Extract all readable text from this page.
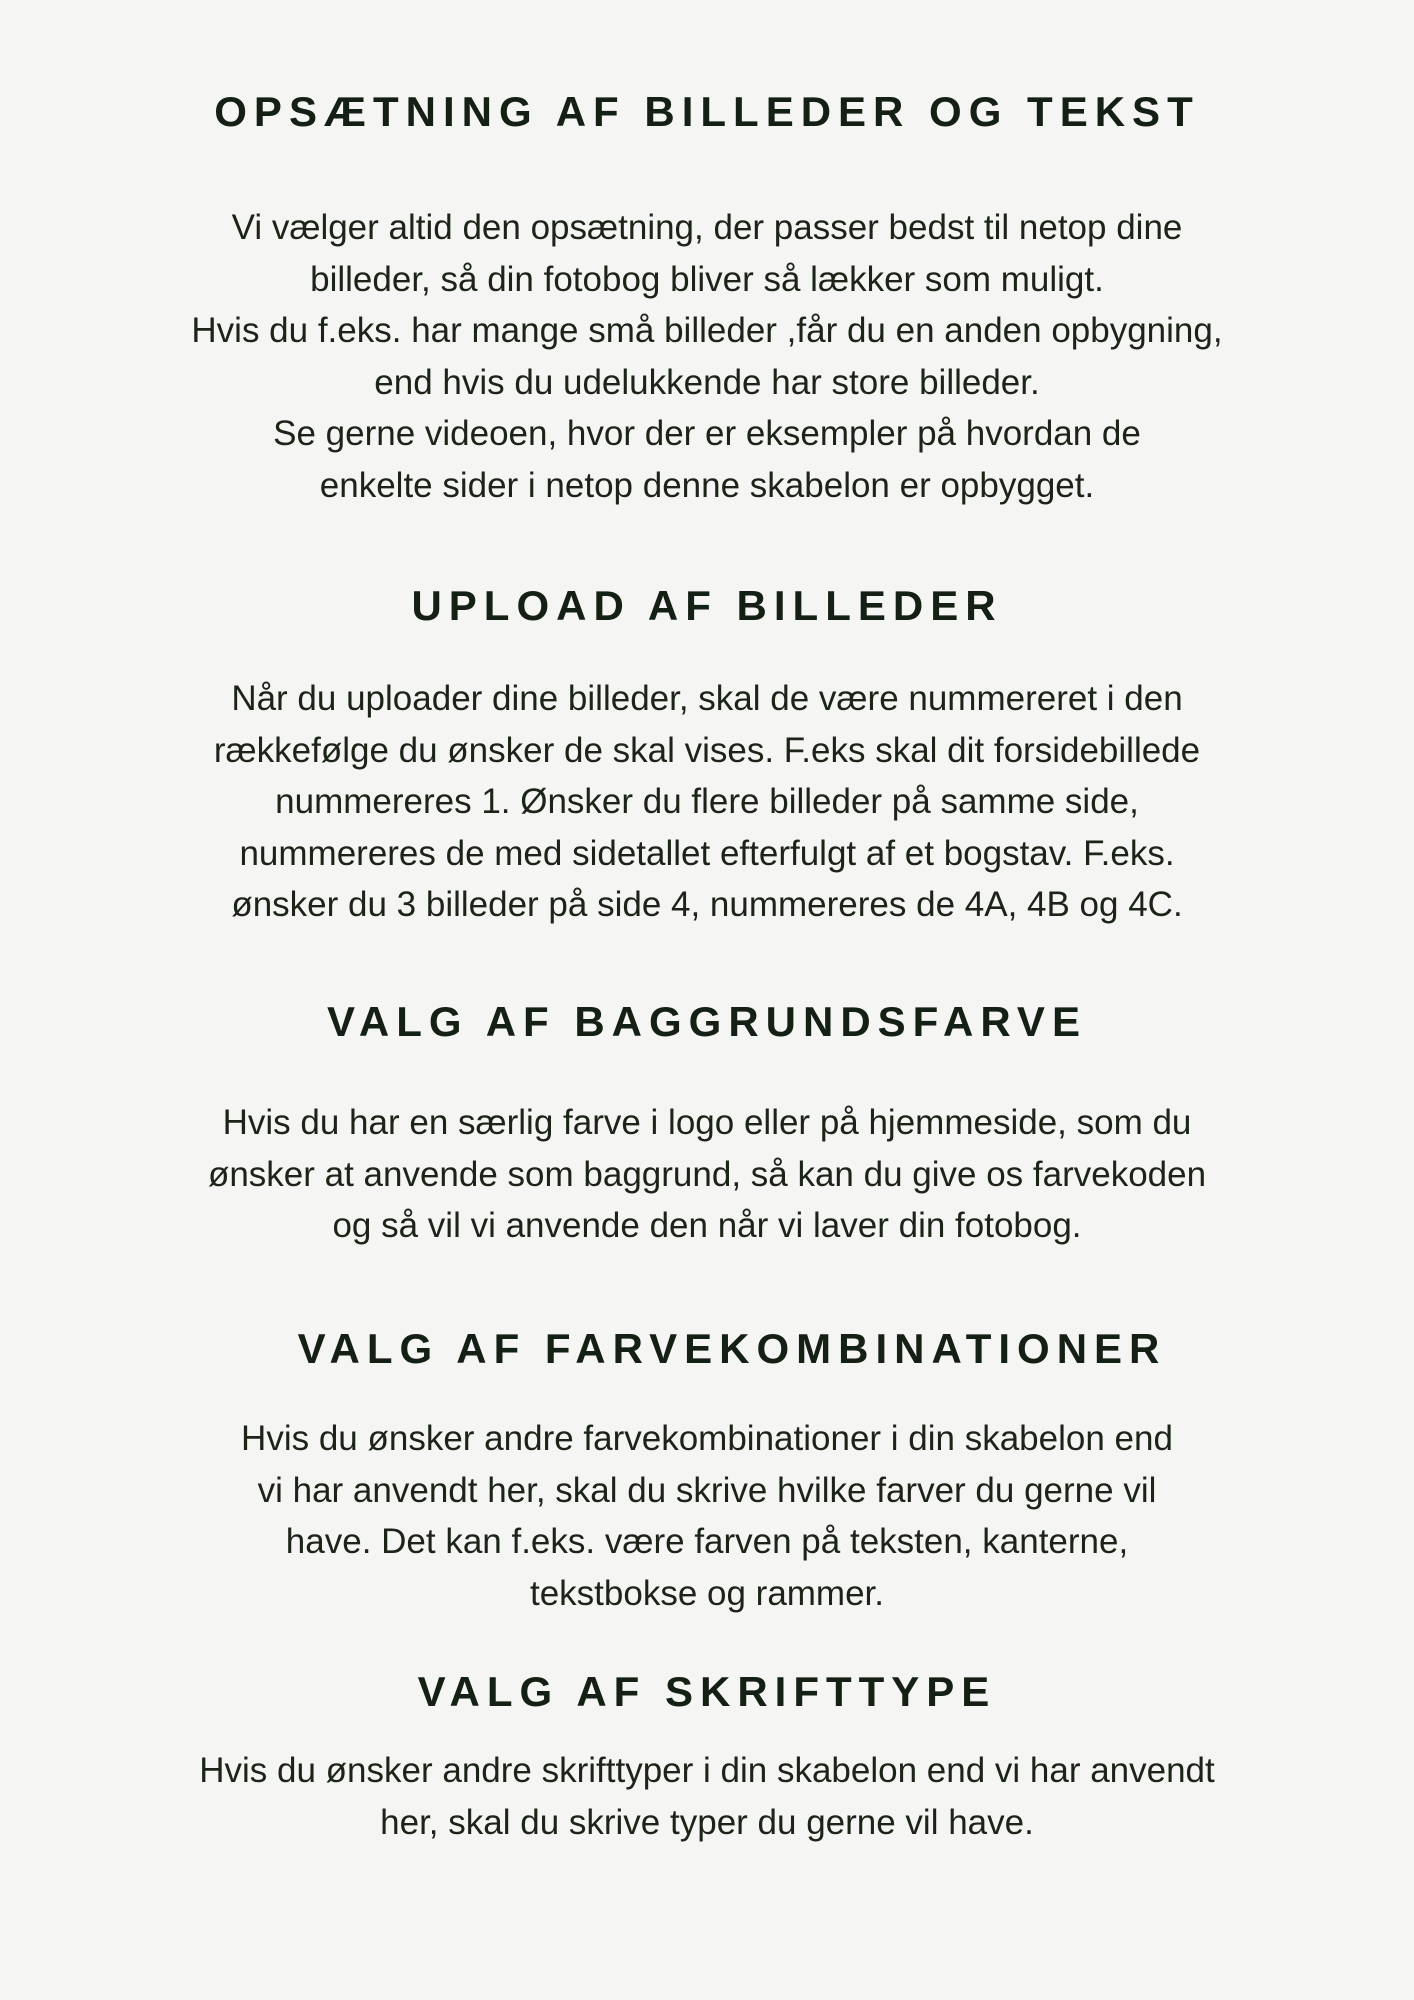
OPSÆTNING AF BILLEDER OG TEKST

Vi vælger altid den opsætning, der passer bedst til netop dine
billeder, så din fotobog bliver så lækker som muligt.
Hvis du f.eks. har mange små billeder ,får du en anden opbygning,
end hvis du udelukkende har store billeder.
Se gerne videoen, hvor der er eksempler på hvordan de
enkelte sider i netop denne skabelon er opbygget.

UPLOAD AF BILLEDER

Når du uploader dine billeder, skal de være nummereret i den
rækkefølge du ønsker de skal vises. F.eks skal dit forsidebillede
nummereres 1. Ønsker du flere billeder på samme side,
nummereres de med sidetallet efterfulgt af et bogstav. F.eks.
ønsker du 3 billeder på side 4, nummereres de 4A, 4B og 4C.

VALG AF BAGGRUNDSFARVE

Hvis du har en særlig farve i logo eller på hjemmeside, som du
ønsker at anvende som baggrund, så kan du give os farvekoden
og så vil vi anvende den når vi laver din fotobog.

VALG AF FARVEKOMBINATIONER

Hvis du ønsker andre farvekombinationer i din skabelon end
vi har anvendt her, skal du skrive hvilke farver du gerne vil
have. Det kan f.eks. være farven på teksten, kanterne,
tekstbokse og rammer.

VALG AF SKRIFTTYPE

Hvis du ønsker andre skrifttyper i din skabelon end vi har anvendt
her, skal du skrive typer du gerne vil have.
